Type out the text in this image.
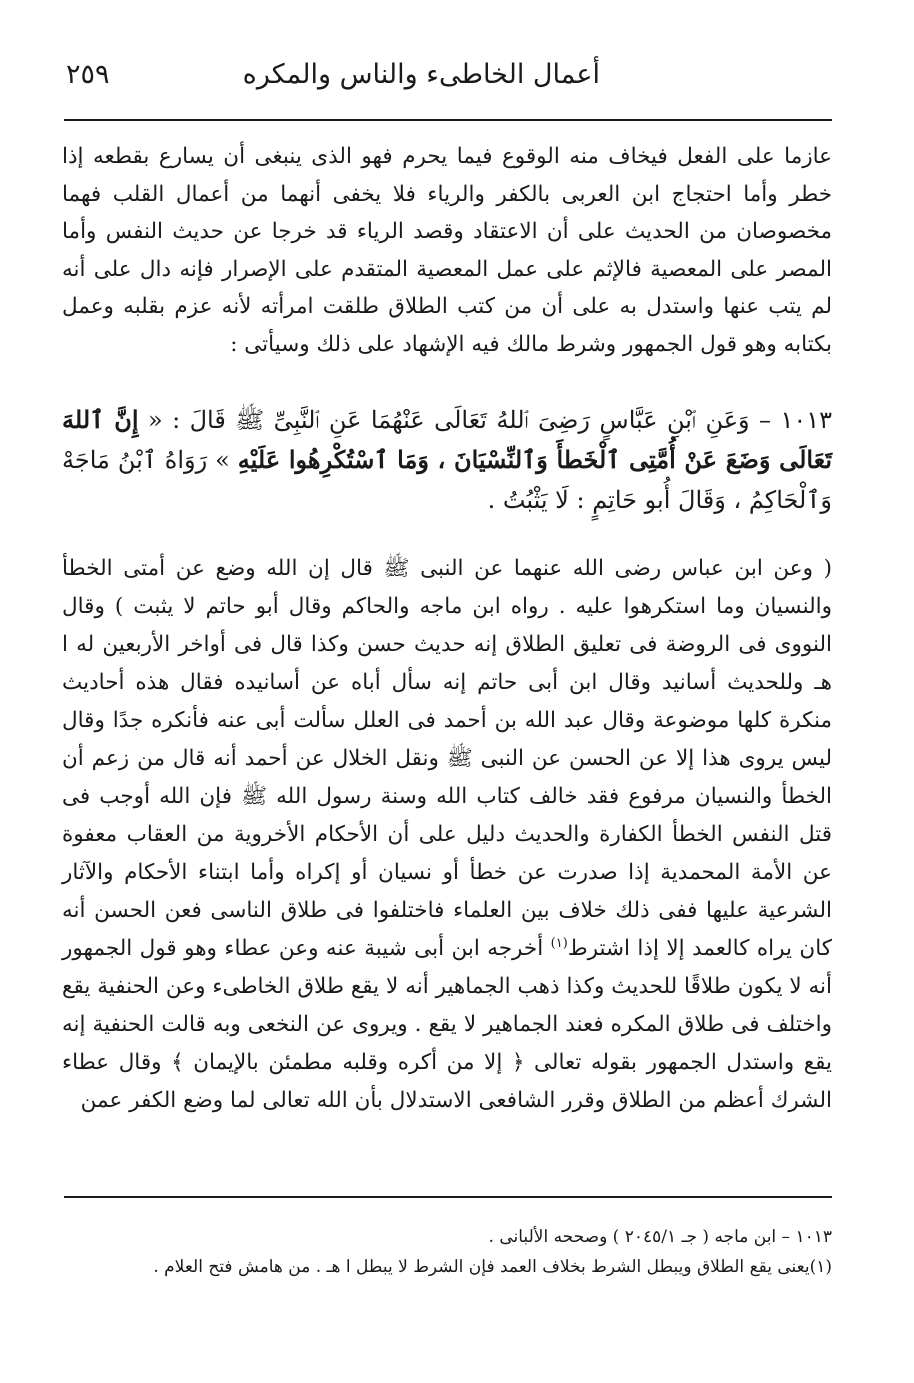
أعمال الخاطىء والناس والمكره
٢٥٩

عازما على الفعل فيخاف منه الوقوع فيما يحرم فهو الذى ينبغى أن يسارع بقطعه إذا خطر وأما احتجاج ابن العربى بالكفر والرياء فلا يخفى أنهما من أعمال القلب فهما مخصوصان من الحديث على أن الاعتقاد وقصد الرياء قد خرجا عن حديث النفس وأما المصر على المعصية فالإثم على عمل المعصية المتقدم على الإصرار فإنه دال على أنه لم يتب عنها واستدل به على أن من كتب الطلاق طلقت امرأته لأنه عزم بقلبه وعمل بكتابه وهو قول الجمهور وشرط مالك فيه الإشهاد على ذلك وسيأتى :

١٠١٣ – وَعَنِ ٱبْنِ عَبَّاسٍ رَضِىَ ٱللهُ تَعَالَى عَنْهُمَا عَنِ ٱلنَّبِىِّ ﷺ قَالَ : « إِنَّ ٱللهَ تَعَالَى وَضَعَ عَنْ أُمَّتِى ٱلْخَطأَ وَٱلنِّسْيَانَ ، وَمَا ٱسْتُكْرِهُوا عَلَيْهِ » رَوَاهُ ٱبْنُ مَاجَهْ وَٱلْحَاكِمُ ، وَقَالَ أُبو حَاتِمٍ : لَا يَثْبُتُ .

( وعن ابن عباس رضى الله عنهما عن النبى ﷺ قال إن الله وضع عن أمتى الخطأ والنسيان وما استكرهوا عليه . رواه ابن ماجه والحاكم وقال أبو حاتم لا يثبت ) وقال النووى فى الروضة فى تعليق الطلاق إنه حديث حسن وكذا قال فى أواخر الأربعين له ا هـ وللحديث أسانيد وقال ابن أبى حاتم إنه سأل أباه عن أسانيده فقال هذه أحاديث منكرة كلها موضوعة وقال عبد الله بن أحمد فى العلل سألت أبى عنه فأنكره جدًا وقال ليس يروى هذا إلا عن الحسن عن النبى ﷺ ونقل الخلال عن أحمد أنه قال من زعم أن الخطأ والنسيان مرفوع فقد خالف كتاب الله وسنة رسول الله ﷺ فإن الله أوجب فى قتل النفس الخطأ الكفارة والحديث دليل على أن الأحكام الأخروية من العقاب معفوة عن الأمة المحمدية إذا صدرت عن خطأ أو نسيان أو إكراه وأما ابتناء الأحكام والآثار الشرعية عليها ففى ذلك خلاف بين العلماء فاختلفوا فى طلاق الناسى فعن الحسن أنه كان يراه كالعمد إلا إذا اشترط$^{(١)}$ أخرجه ابن أبى شيبة عنه وعن عطاء وهو قول الجمهور أنه لا يكون طلاقًا للحديث وكذا ذهب الجماهير أنه لا يقع طلاق الخاطىء وعن الحنفية يقع واختلف فى طلاق المكره فعند الجماهير لا يقع . ويروى عن النخعى وبه قالت الحنفية إنه يقع واستدل الجمهور بقوله تعالى ﴿ إلا من أكره وقلبه مطمئن بالإيمان ﴾ وقال عطاء الشرك أعظم من الطلاق وقرر الشافعى الاستدلال بأن الله تعالى لما وضع الكفر عمن

١٠١٣ – ابن ماجه ( جـ ٢٠٤٥/١ ) وصححه الألبانى .

(١)يعنى يقع الطلاق ويبطل الشرط بخلاف العمد فإن الشرط لا يبطل ا هـ . من هامش فتح العلام .
